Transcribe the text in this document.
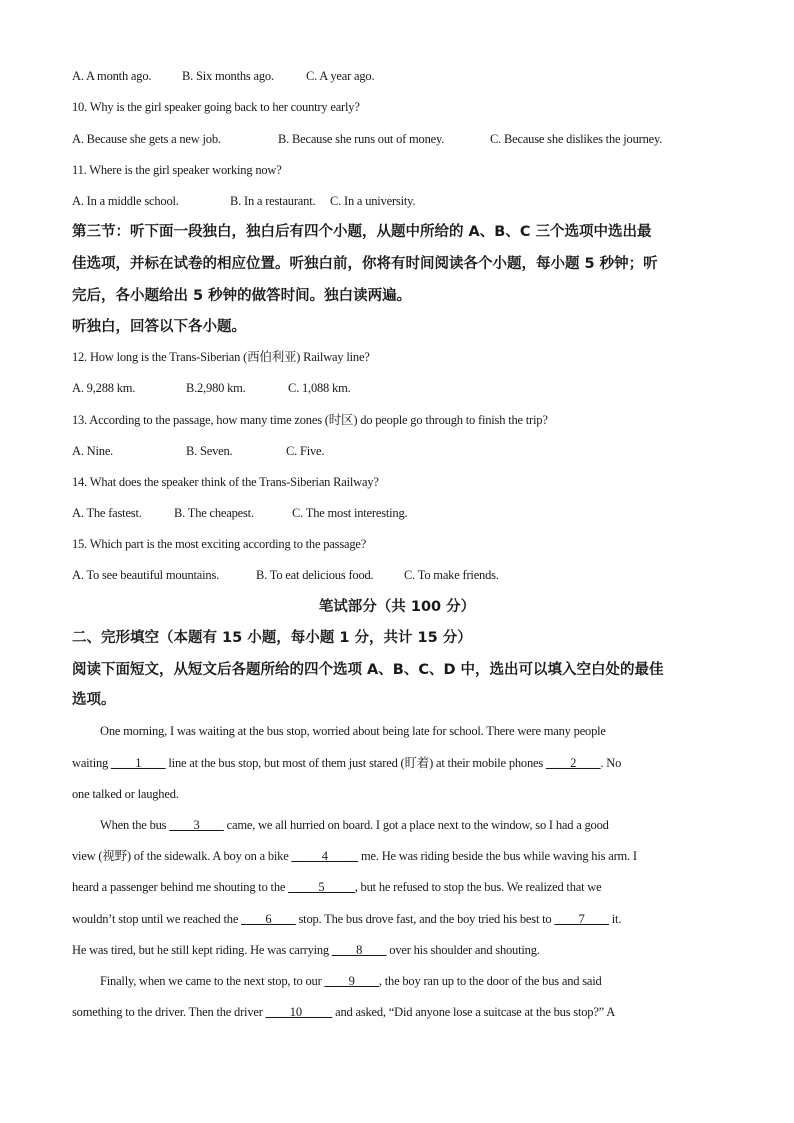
A. A month ago. B. Six months ago.	C. A year ago.
10. Why is the girl speaker going back to her country early?
A. Because she gets a new job.	B. Because she runs out of money.	C. Because she dislikes the journey.
11. Where is the girl speaker working now?
A. In a middle school.	B. In a restaurant. C. In a university.
第三节：听下面一段独白，独白后有四个小题，从题中所给的 A、B、C 三个选项中选出最
佳选项，并标在试卷的相应位置。听独白前，你将有时间阅读各个小题，每小题 5 秒钟；听
完后，各小题给出 5 秒钟的做答时间。独白读两遍。
听独白，回答以下各小题。
12. How long is the Trans-Siberian (西伯利亚) Railway line?
A. 9,288 km.	B.2,980 km.	C. 1,088 km.
13. According to the passage, how many time zones (时区) do people go through to finish the trip?
A. Nine.	B. Seven.	C. Five.
14. What does the speaker think of the Trans-Siberian Railway?
A. The fastest.	B. The cheapest.	C. The most interesting.
15. Which part is the most exciting according to the passage?
A. To see beautiful mountains.	B. To eat delicious food. C. To make friends.
笔试部分（共 100 分）
二、完形填空（本题有 15 小题，每小题 1 分，共计 15 分）
阅读下面短文，从短文后各题所给的四个选项 A、B、C、D 中，选出可以填入空白处的最佳
选项。
One morning, I was waiting at the bus stop, worried about being late for school. There were many people
waiting ____1____ line at the bus stop, but most of them just stared (盯着) at their mobile phones ____2____. No
one talked or laughed.
When the bus ____3____ came, we all hurried on board. I got a place next to the window, so I had a good
view (视野) of the sidewalk. A boy on a bike _____4_____ me. He was riding beside the bus while waving his arm. I
heard a passenger behind me shouting to the _____5_____, but he refused to stop the bus. We realized that we
wouldn’t stop until we reached the ____6____ stop. The bus drove fast, and the boy tried his best to ____7____ it.
He was tired, but he still kept riding. He was carrying ____8____ over his shoulder and shouting.
Finally, when we came to the next stop, to our ____9____, the boy ran up to the door of the bus and said
something to the driver. Then the driver ____10_____ and asked, “Did anyone lose a suitcase at the bus stop?” A
